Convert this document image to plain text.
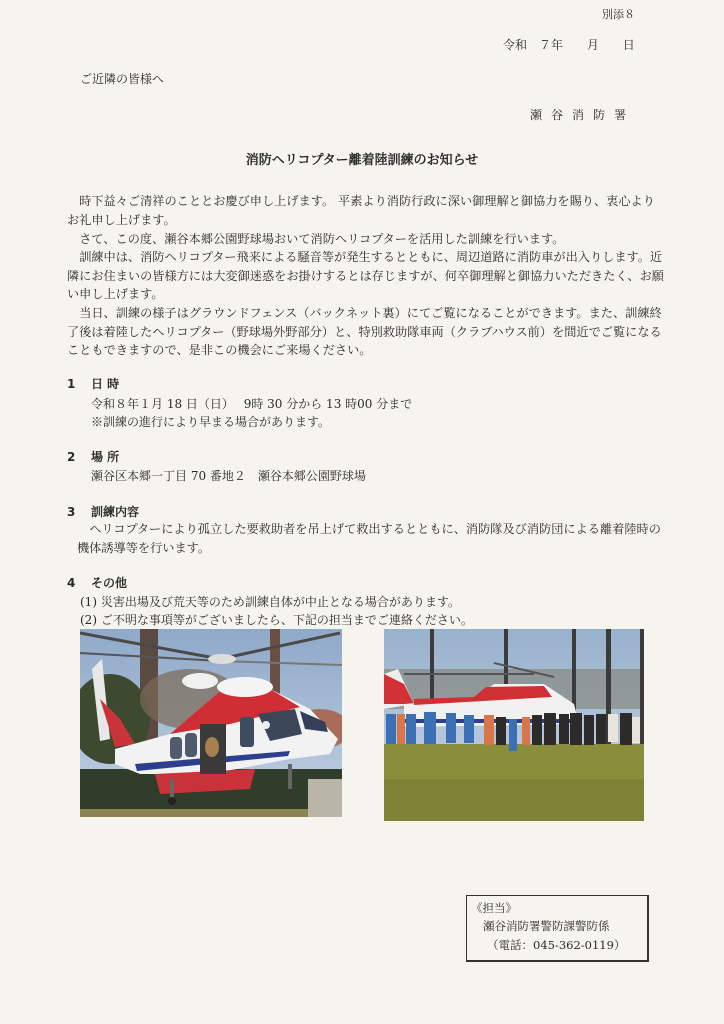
別添８
令和　７年 月 日
ご近隣の皆様へ
瀬谷消防署
消防ヘリコプター離着陸訓練のお知らせ
時下益々ご清祥のこととお慶び申し上げます。 平素より消防行政に深い御理解と御協力を賜り、衷心よりお礼申し上げます。
さて、この度、瀬谷本郷公園野球場おいて消防ヘリコプターを活用した訓練を行います。
訓練中は、消防ヘリコプター飛来による騒音等が発生するとともに、周辺道路に消防車が出入りします。近隣にお住まいの皆様方には大変御迷惑をお掛けするとは存じますが、何卒御理解と御協力いただきたく、お願い申し上げます。
当日、訓練の様子はグラウンドフェンス（バックネット裏）にてご覧になることができます。また、訓練終了後は着陸したヘリコプター（野球場外野部分）と、特別救助隊車両（クラブハウス前）を間近でご覧になることもできますので、是非この機会にご来場ください。
1 日 時
令和８年１月 18 日（日）　 9時 30 分から 13 時00 分まで
※訓練の進行により早まる場合があります。
2 場 所
瀬谷区本郷一丁目 70 番地２　瀬谷本郷公園野球場
3 訓練内容
ヘリコプターにより孤立した要救助者を吊上げて救出するとともに、消防隊及び消防団による離着陸時の機体誘導等を行います。
4 その他
(1) 災害出場及び荒天等のため訓練自体が中止となる場合があります。
(2) ご不明な事項等がございましたら、下記の担当までご連絡ください。
《担当》
瀬谷消防署警防課警防係
（電話：045-362-0119）
